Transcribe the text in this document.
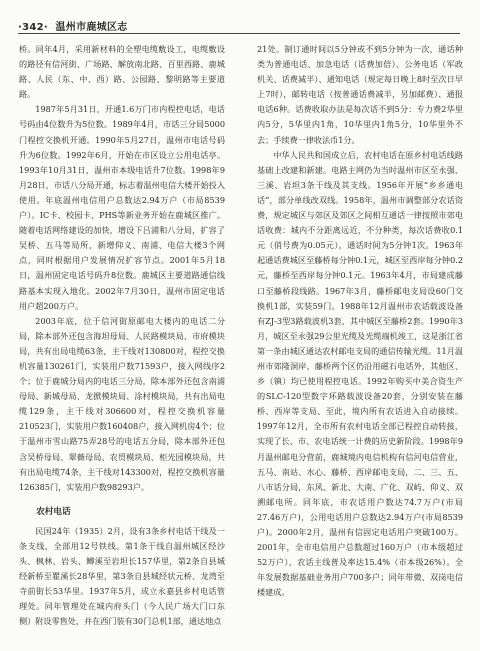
·342· 温州市鹿城区志

桥。同年4月，采用新材料的全塑电缆敷设工，电缆敷设的路径有信河街、广场路、解放南北路、百里西路、鹿城路、人民（东、中、西）路、公园路、黎明路等主要道路。

1987年5月31日，开通1.6万门市内程控电话，电话号码由4位数升为5位数。1989年4月，市话三分局5000门程控交换机开通。1990年5月27日，温州市电话号码升为6位数。1992年6月，开始在市区设立公用电话亭。1993年10月31日，温州市本级电话升7位数。1998年9月28日，市话八分局开通，标志着温州电信大楼开始投入使用。年底温州电信用户总数达2.94万户（市局8539户）。IC卡、校园卡、PHS等新业务开始在鹿城区推广。随着电话网络建设的加快，增设下吕浦和八分局，扩容了吴桥、五马等局所，新增仰义、南浦、电信大楼3个网点，同时根据用户发展情况扩容节点。2001年5月18日，温州固定电话号码升8位数。鹿城区主要道路通信线路基本实现入地化。2002年7月30日，温州市固定电话用户超200万户。

2003年底，位于信河街原邮电大楼内的电话二分局，除本部外还包含海坦母局、人民路模块局、市府模块局，共有出局电缆63条，主干线对130800对，程控交换机容量130261门，实装用户数71593户，接入网线序2个；位于鹿城分局内的电话三分局，除本部外还包含南浦母局、新城母局、龙掀模块局、涂村模块局，共有出局电缆129条，主干线对306600对，程控交换机容量210523门，实装用户数160408户，接入网机房4个；位于温州市雪山路75弄28号的电话五分局，除本部外还包含吴桥母局、翠薇母局、农贸模块局、柜光园模块局，共有出局电缆74条，主干线对143300对，程控交换机容量126385门，实装用户数98293户。

农村电话

民国24年（1935）2月，设有3条乡村电话干线及一条支线，全部用12号铁线。第1条干线自温州城区经沙头、枫林、岩头、鲫溪至岩坦长157华里，第2条自县城经新桥至瞿溪长28华里，第3条自县城经状元桥、龙湾至寺前街长53华里。1937年5月，成立永嘉县乡村电话管理处。同年管理处在城内府头门（今人民广场大门口东侧）附设零售处，并在西门装有30门总机1部，通达地点

21处。制订通时间以5分钟或不到5分钟为一次，通话种类为普通电话、加急电话（话费加倍）、公务电话（军政机关、话费减半）、通知电话（规定每日晚上8时至次日早上7时），邮转电话（按普通话费减半，另加邮费）、通报电话6种。话费收取办法是每次话不到5分：专力费2华里内5分，5华里内1角，10华里内1角5分，10华里外不去；手续费一律收法币1分。

中华人民共和国成立后，农村电话在原乡村电话线路基础上改建和新建。电路主网仍为当时温州市区至永强、三溪、岩坦3条干线及其支线。1956年开展“乡乡通电话”，部分单线改双线。1958年，温州市调整部分农话资费，规定城区与郊区及郊区之间相互通话一律按照市郊电话收费：城内不分距离远近，不分种类，每次话费收0.1元（俏号费为0.05元），通话时间为5分钟1次。1963年起通话费城区至藤桥每分钟0.1元，城区至西岸每分钟0.2元，藤桥至西岸每分钟0.1元。1963年4月，市局建成藤口至藤桥段线路。1967年3月，藤桥邮电支局设60门交换机1部，实装59门。1988年12月温州市农话载波设备有ZJ-3型3路载波机3套，其中城区至藤桥2套。1990年3月，城区至永强29公里光缆及光缆端机竣工，这是浙江省第一条由城区通达农村邮电支局的通信传输光缆。11月温州市郊隆洞岸、藤桥两个区仍沿用磁石电话外，其他区、乡（镇）均已使用程控电话。1992年购买中美合资生产的SLC-120型数字环路载波设备20套，分别安装在藤桥、西岸等支局、至此，境内所有农话进入自动接续。1997年12月，全市所有农村电话全部已程控自动转接，实现了长、市、农电话统一计费的历史新阶段。1998年9月温州邮电分营前，鹿城境内电信机构有信河电信营业，五马、南站、水心、藤桥、西岸邮电支局，二、三、五、八市话分局，东风、新北、大南、广化、双屿、仰义、双溯邮电所。同年底，市农话用户数达74.7万户(市局27.46万户)，公用电话用户总数达2.94万户(市局8539户)。2000年2月，温州有信固定电话用户突破100万。2001年，全市电信用户总数超过160万户（市本级超过52万户），农话主线普及率达15.4%（市本级26%）。全年发展数据基础业务用户700多户；同年带微、双岗电信楼建成。
